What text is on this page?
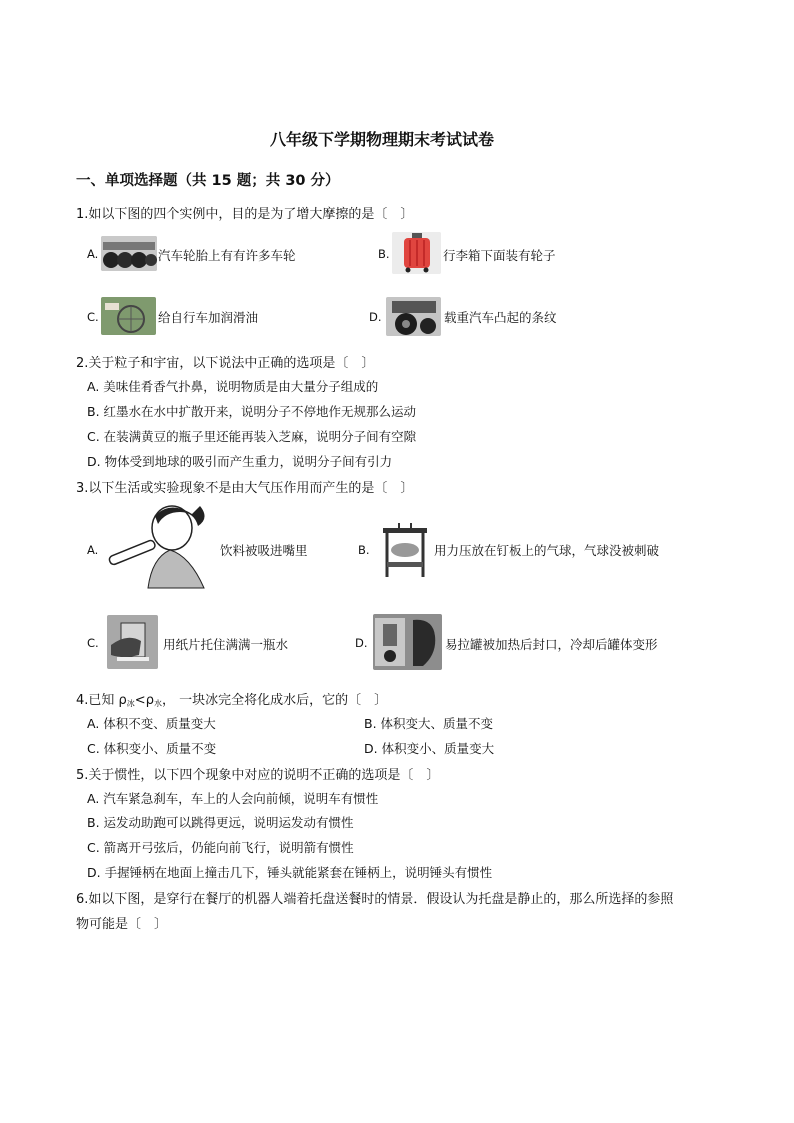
八年级下学期物理期末考试试卷
一、单项选择题（共 15 题；共 30 分）
1.如以下图的四个实例中，目的是为了增大摩擦的是〔　〕
A.	汽车轮胎上有有许多车轮	B.	行李箱下面装有轮子
C.	给自行车加润滑油	D.	载重汽车凸起的条纹
2.关于粒子和宇宙，以下说法中正确的选项是〔　〕
A. 美味佳肴香气扑鼻，说明物质是由大量分子组成的
B. 红墨水在水中扩散开来，说明分子不停地作无规那么运动
C. 在装满黄豆的瓶子里还能再装入芝麻，说明分子间有空隙
D. 物体受到地球的吸引而产生重力，说明分子间有引力
3.以下生活或实验现象不是由大气压作用而产生的是〔　〕
A.	饮料被吸进嘴里	B.	用力压放在钉板上的气球，气球没被刺破
C.	用纸片托住满满一瓶水	D.	易拉罐被加热后封口，冷却后罐体变形
4.已知 $\rho_冰<\rho_水$， 一块冰完全将化成水后，它的〔　〕
A. 体积不变、质量变大	B. 体积变大、质量不变
C. 体积变小、质量不变	D. 体积变小、质量变大
5.关于惯性，以下四个现象中对应的说明不正确的选项是〔　〕
A. 汽车紧急刹车，车上的人会向前倾，说明车有惯性
B. 运发动助跑可以跳得更远，说明运发动有惯性
C. 箭离开弓弦后，仍能向前飞行，说明箭有惯性
D. 手握锤柄在地面上撞击几下，锤头就能紧套在锤柄上，说明锤头有惯性
6.如以下图，是穿行在餐厅的机器人端着托盘送餐时的情景．假设认为托盘是静止的，那么所选择的参照
物可能是〔　〕
